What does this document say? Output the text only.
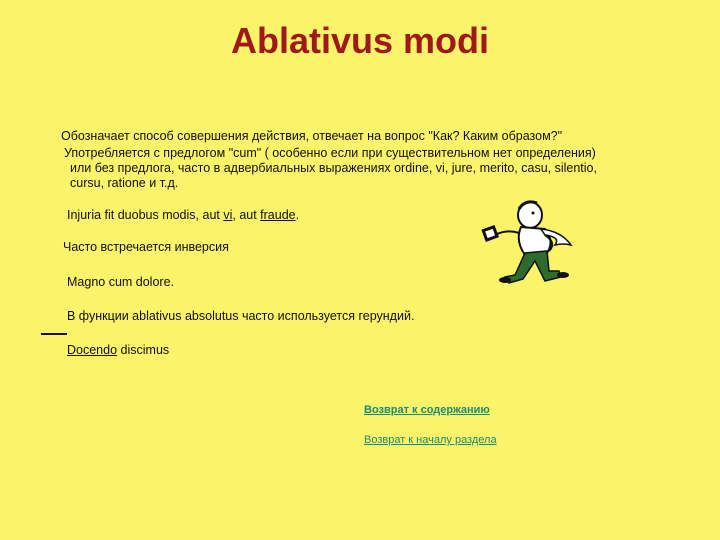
Ablativus modi
Обозначает способ совершения действия, отвечает на вопрос "Как? Каким образом?"
Употребляется с предлогом "cum" ( особенно если при существительном нет определения)
или без предлога, часто в адвербиальных выражениях ordine, vi, jure, merito, casu, silentio,
cursu, ratione и т.д.
Injuria fit duobus modis, aut vi, aut fraude.
Часто встречается инверсия
Magno cum dolore.
В функции ablativus absolutus часто используется герундий.
Docendo discimus
Возврат к содержанию
Возврат к началу раздела
